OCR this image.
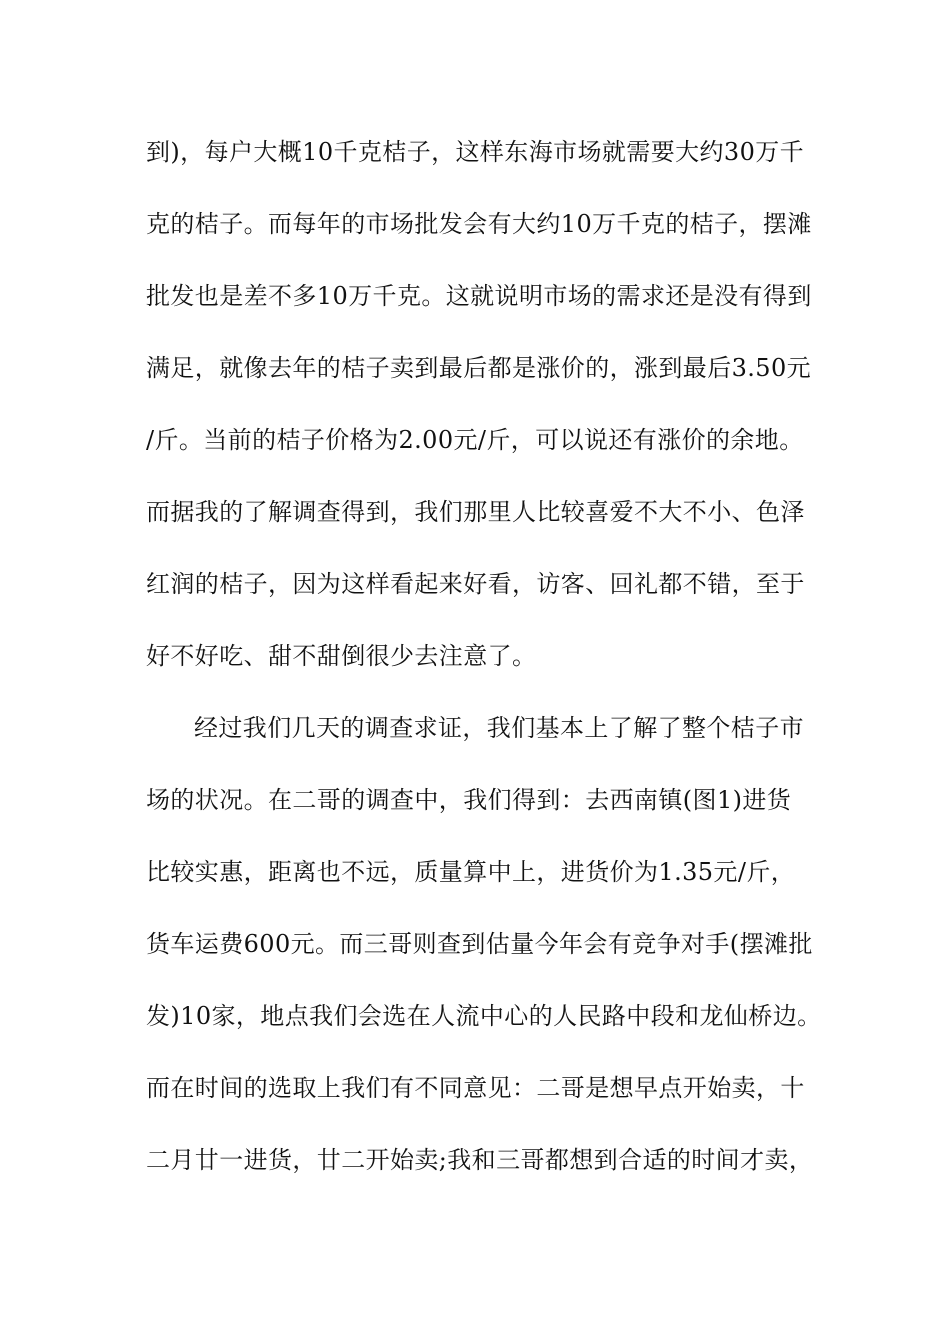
到)，每户大概10千克桔子，这样东海市场就需要大约30万千
克的桔子。而每年的市场批发会有大约10万千克的桔子，摆滩
批发也是差不多10万千克。这就说明市场的需求还是没有得到
满足，就像去年的桔子卖到最后都是涨价的，涨到最后3.50元
/斤。当前的桔子价格为2.00元/斤，可以说还有涨价的余地。
而据我的了解调查得到，我们那里人比较喜爱不大不小、色泽
红润的桔子，因为这样看起来好看，访客、回礼都不错，至于
好不好吃、甜不甜倒很少去注意了。
经过我们几天的调查求证，我们基本上了解了整个桔子市
场的状况。在二哥的调查中，我们得到：去西南镇(图1)进货
比较实惠，距离也不远，质量算中上，进货价为1.35元/斤，
货车运费600元。而三哥则查到估量今年会有竞争对手(摆滩批
发)10家，地点我们会选在人流中心的人民路中段和龙仙桥边。
而在时间的选取上我们有不同意见：二哥是想早点开始卖，十
二月廿一进货，廿二开始卖;我和三哥都想到合适的时间才卖，
